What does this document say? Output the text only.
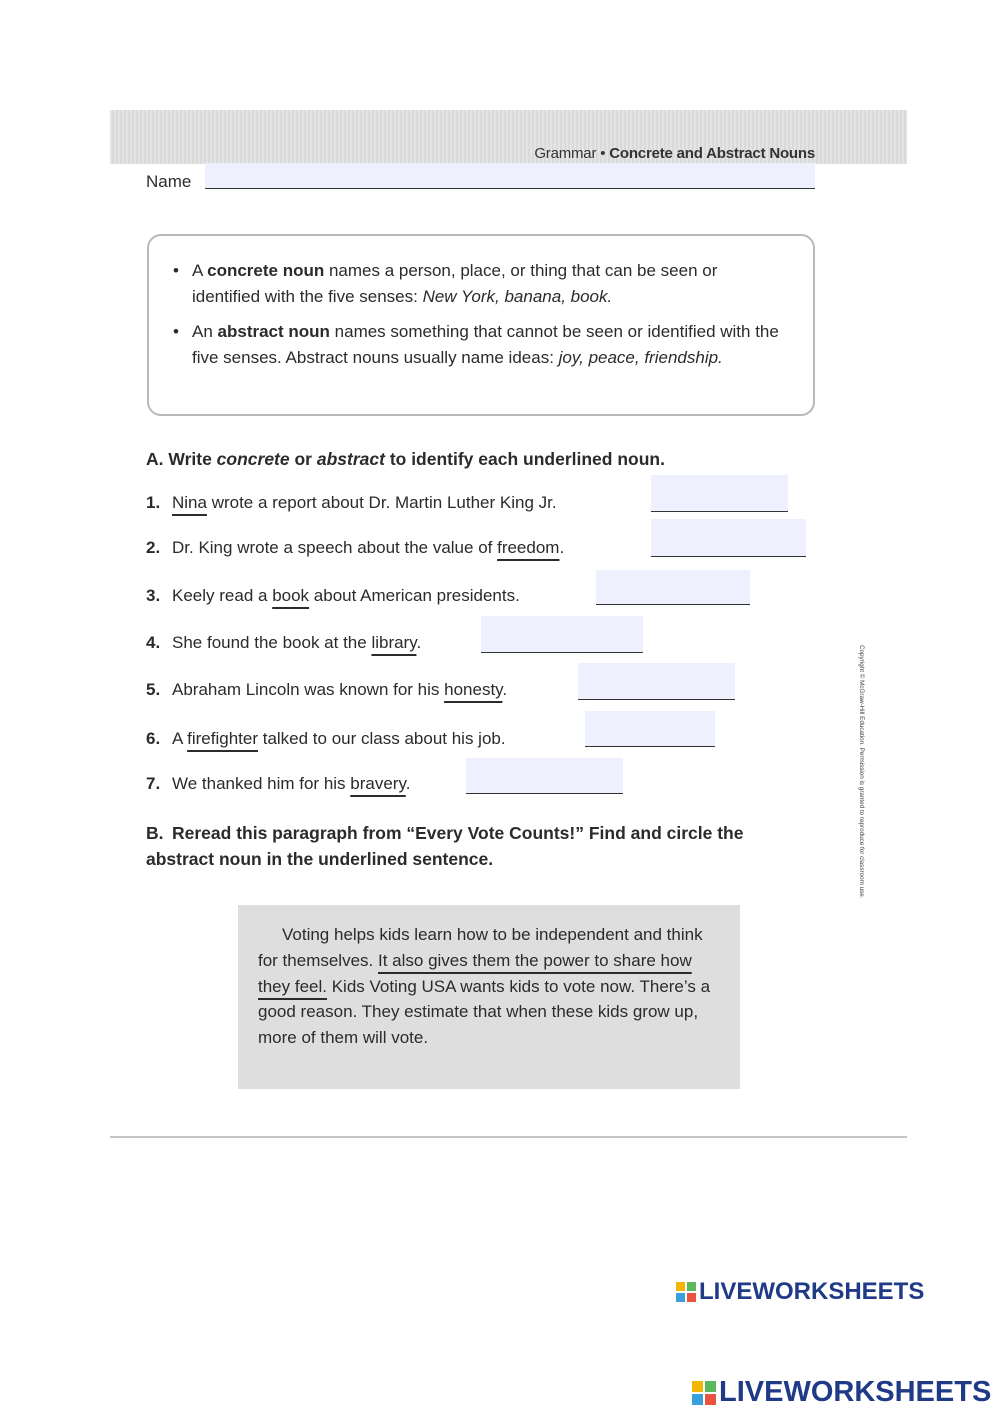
Grammar • Concrete and Abstract Nouns
Name
• A concrete noun names a person, place, or thing that can be seen or identified with the five senses: New York, banana, book.
• An abstract noun names something that cannot be seen or identified with the five senses. Abstract nouns usually name ideas: joy, peace, friendship.
A. Write concrete or abstract to identify each underlined noun.
1. Nina wrote a report about Dr. Martin Luther King Jr.
2. Dr. King wrote a speech about the value of freedom.
3. Keely read a book about American presidents.
4. She found the book at the library.
5. Abraham Lincoln was known for his honesty.
6. A firefighter talked to our class about his job.
7. We thanked him for his bravery.
B. Reread this paragraph from “Every Vote Counts!” Find and circle the abstract noun in the underlined sentence.
Voting helps kids learn how to be independent and think for themselves. It also gives them the power to share how they feel. Kids Voting USA wants kids to vote now. There’s a good reason. They estimate that when these kids grow up, more of them will vote.
Copyright © McGraw-Hill Education. Permission is granted to reproduce for classroom use.
LIVEWORKSHEETS
LIVEWORKSHEETS
